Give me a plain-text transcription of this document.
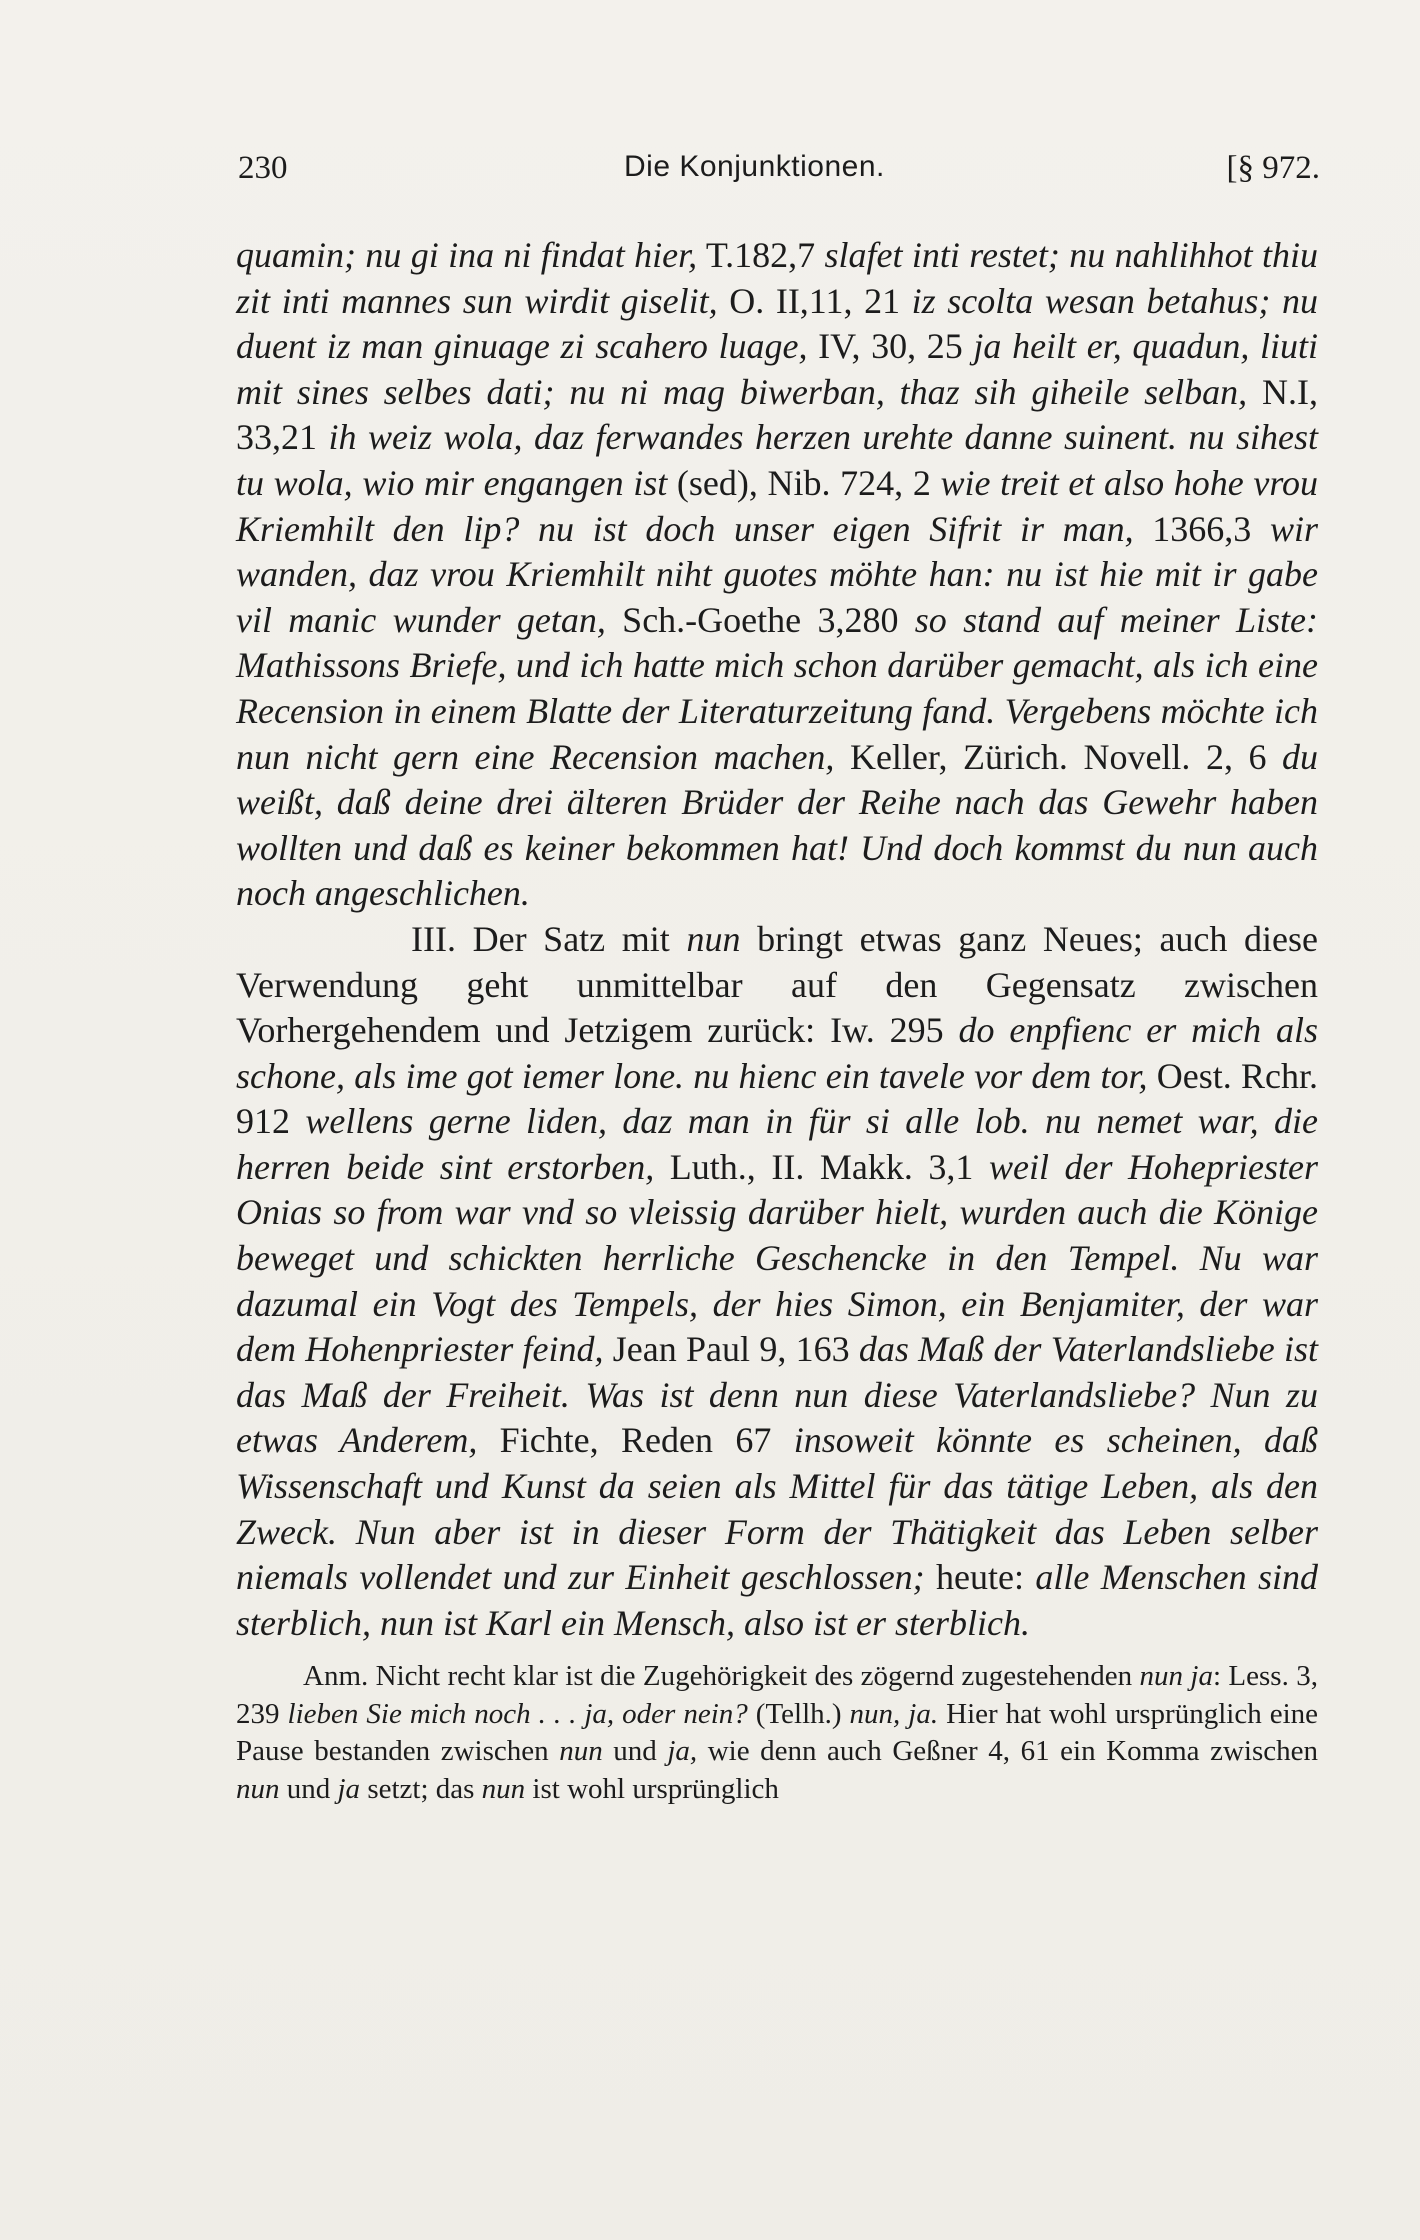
230	Die Konjunktionen.	[§ 972.

quamin; nu gi ina ni findat hier, T.182,7 slafet inti restet; nu nahlihhot thiu zit inti mannes sun wirdit giselit, O. II,11, 21 iz scolta wesan betahus; nu duent iz man ginuage zi scahero luage, IV, 30, 25 ja heilt er, quadun, liuti mit sines selbes dati; nu ni mag biwerban, thaz sih giheile selban, N.I, 33,21 ih weiz wola, daz ferwandes herzen urehte danne suinent. nu sihest tu wola, wio mir engangen ist (sed), Nib. 724, 2 wie treit et also hohe vrou Kriemhilt den lip? nu ist doch unser eigen Sifrit ir man, 1366,3 wir wanden, daz vrou Kriemhilt niht guotes möhte han: nu ist hie mit ir gabe vil manic wunder getan, Sch.-Goethe 3,280 so stand auf meiner Liste: Mathissons Briefe, und ich hatte mich schon darüber gemacht, als ich eine Recension in einem Blatte der Literaturzeitung fand. Vergebens möchte ich nun nicht gern eine Recension machen, Keller, Zürich. Novell. 2, 6 du weißt, daß deine drei älteren Brüder der Reihe nach das Gewehr haben wollten und daß es keiner bekommen hat! Und doch kommst du nun auch noch angeschlichen.

III. Der Satz mit nun bringt etwas ganz Neues; auch diese Verwendung geht unmittelbar auf den Gegensatz zwischen Vorhergehendem und Jetzigem zurück: Iw. 295 do enpfienc er mich als schone, als ime got iemer lone. nu hienc ein tavele vor dem tor, Oest. Rchr. 912 wellens gerne liden, daz man in für si alle lob. nu nemet war, die herren beide sint erstorben, Luth., II. Makk. 3,1 weil der Hohepriester Onias so from war vnd so vleissig darüber hielt, wurden auch die Könige beweget und schickten herrliche Geschencke in den Tempel. Nu war dazumal ein Vogt des Tempels, der hies Simon, ein Benjamiter, der war dem Hohenpriester feind, Jean Paul 9, 163 das Maß der Vaterlandsliebe ist das Maß der Freiheit. Was ist denn nun diese Vaterlandsliebe? Nun zu etwas Anderem, Fichte, Reden 67 insoweit könnte es scheinen, daß Wissenschaft und Kunst da seien als Mittel für das tätige Leben, als den Zweck. Nun aber ist in dieser Form der Thätigkeit das Leben selber niemals vollendet und zur Einheit geschlossen; heute: alle Menschen sind sterblich, nun ist Karl ein Mensch, also ist er sterblich.

Anm. Nicht recht klar ist die Zugehörigkeit des zögernd zugestehenden nun ja: Less. 3, 239 lieben Sie mich noch . . . ja, oder nein? (Tellh.) nun, ja. Hier hat wohl ursprünglich eine Pause bestanden zwischen nun und ja, wie denn auch Geßner 4, 61 ein Komma zwischen nun und ja setzt; das nun ist wohl ursprünglich
